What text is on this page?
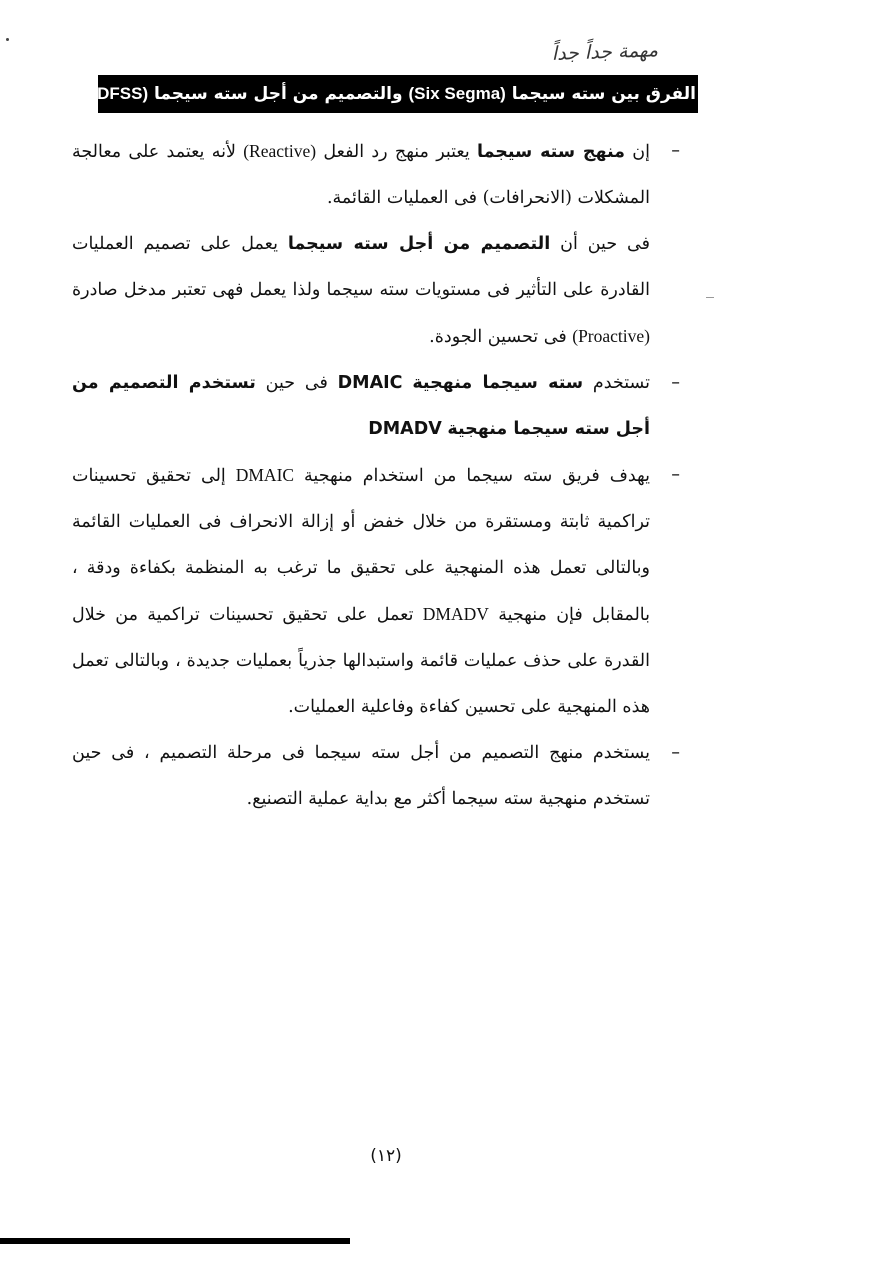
مهمة جداً جداً
الفرق بين سته سيجما

(Six Segma)

والتصميم من أجل سته سيجما

(DFSS)
–

إن منهج سته سيجما يعتبر منهج رد الفعل (Reactive) لأنه يعتمد على معالجة المشكلات (الانحرافات) فى العمليات القائمة.

فى حين أن التصميم من أجل سته سيجما يعمل على تصميم العمليات القادرة على التأثير فى مستويات سته سيجما ولذا يعمل فهى تعتبر مدخل صادرة (Proactive) فى تحسين الجودة.

–

تستخدم سته سيجما منهجية DMAIC فى حين تستخدم التصميم من أجل سته سيجما منهجية DMADV

–

يهدف فريق سته سيجما من استخدام منهجية DMAIC إلى تحقيق تحسينات تراكمية ثابتة ومستقرة من خلال خفض أو إزالة الانحراف فى العمليات القائمة وبالتالى تعمل هذه المنهجية على تحقيق ما ترغب به المنظمة بكفاءة ودقة ، بالمقابل فإن منهجية DMADV تعمل على تحقيق تحسينات تراكمية من خلال القدرة على حذف عمليات قائمة واستبدالها جذرياً بعمليات جديدة ، وبالتالى تعمل هذه المنهجية على تحسين كفاءة وفاعلية العمليات.

–

يستخدم منهج التصميم من أجل سته سيجما فى مرحلة التصميم ، فى حين تستخدم منهجية سته سيجما أكثر مع بداية عملية التصنيع.

(١٢)
